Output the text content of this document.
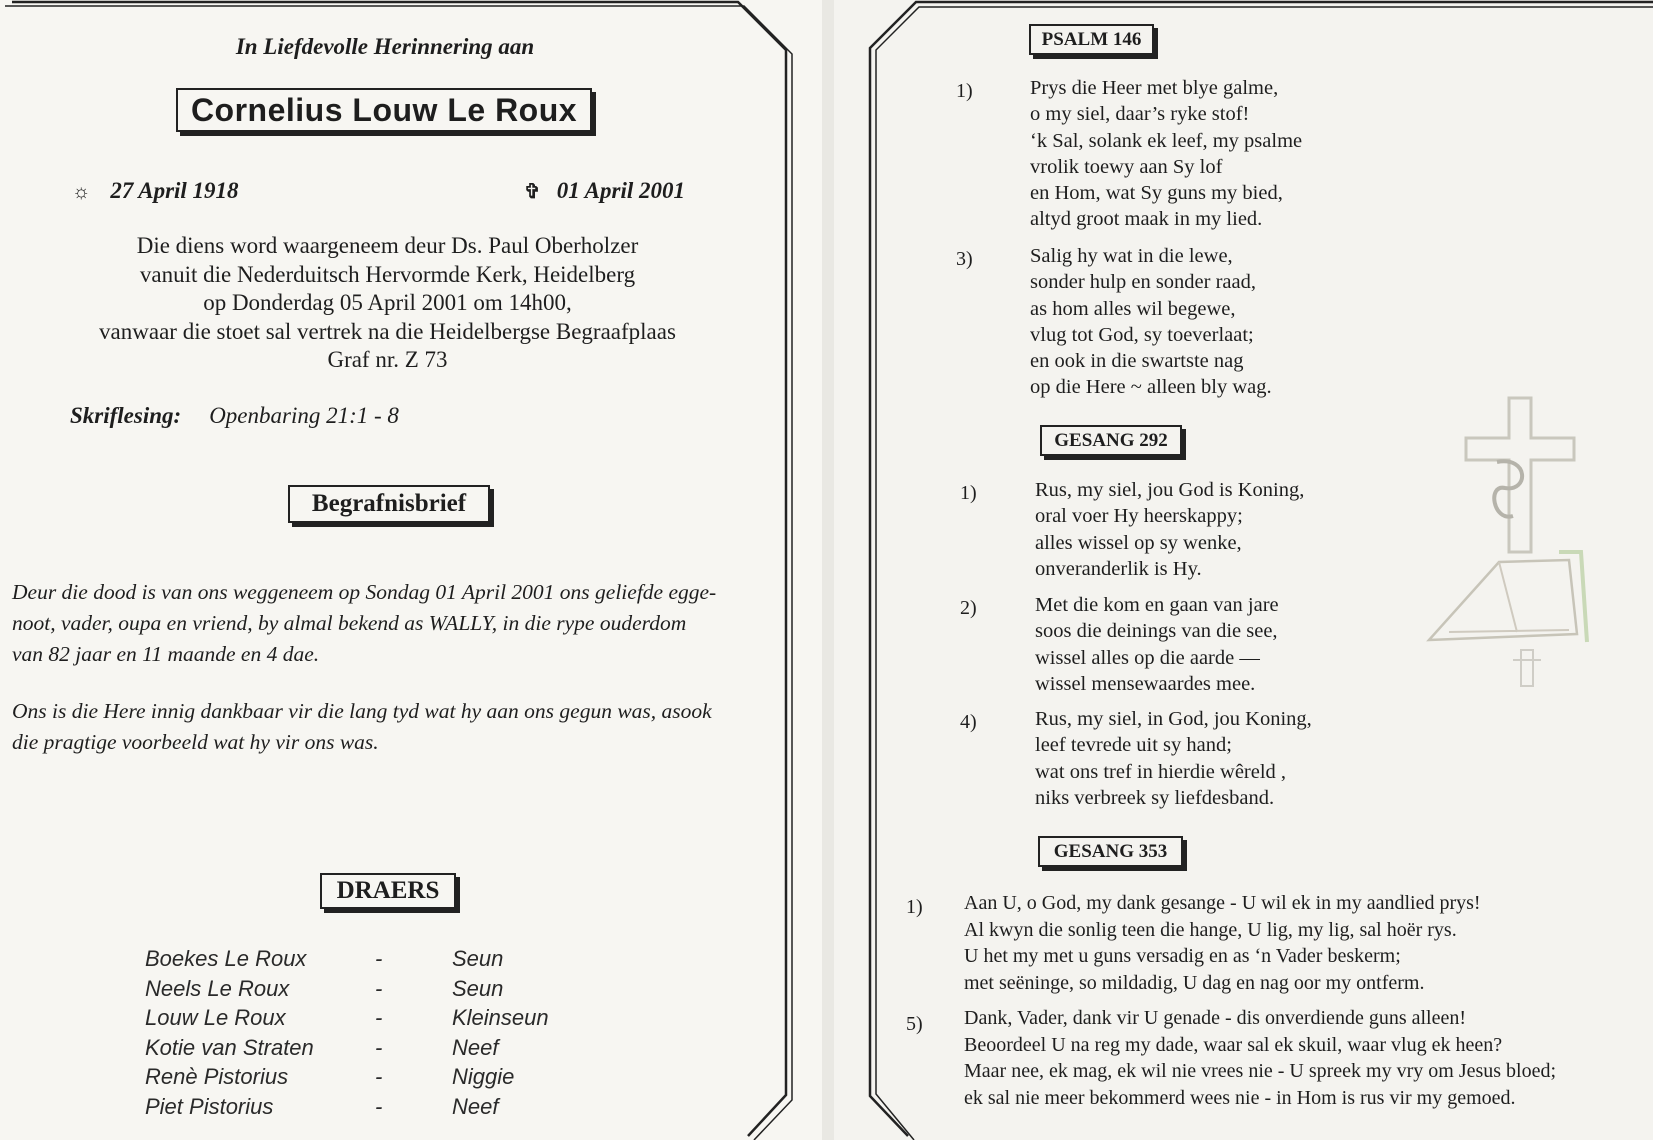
In Liefdevolle Herinnering aan
Cornelius Louw Le Roux
☼ 27 April 1918	✞ 01 April 2001
Die diens word waargeneem deur Ds. Paul Oberholzer
vanuit die Nederduitsch Hervormde Kerk, Heidelberg
op Donderdag 05 April 2001 om 14h00,
vanwaar die stoet sal vertrek na die Heidelbergse Begraafplaas
Graf nr. Z 73
Skriflesing: Openbaring 21:1 - 8
Begrafnisbrief
Deur die dood is van ons weggeneem op Sondag 01 April 2001 ons geliefde egge-
noot, vader, oupa en vriend, by almal bekend as WALLY, in die rype ouderdom
van 82 jaar en 11 maande en 4 dae.
Ons is die Here innig dankbaar vir die lang tyd wat hy aan ons gegun was, asook
die pragtige voorbeeld wat hy vir ons was.
DRAERS
Boekes Le Roux	-	Seun
Neels Le Roux	-	Seun
Louw Le Roux	-	Kleinseun
Kotie van Straten	-	Neef
Renè Pistorius	-	Niggie
Piet Pistorius	-	Neef
PSALM 146
1)	Prys die Heer met blye galme,
o my siel, daar’s ryke stof!
‘k Sal, solank ek leef, my psalme
vrolik toewy aan Sy lof
en Hom, wat Sy guns my bied,
altyd groot maak in my lied.
3)	Salig hy wat in die lewe,
sonder hulp en sonder raad,
as hom alles wil begewe,
vlug tot God, sy toeverlaat;
en ook in die swartste nag
op die Here ~ alleen bly wag.
GESANG 292
1)	Rus, my siel, jou God is Koning,
oral voer Hy heerskappy;
alles wissel op sy wenke,
onveranderlik is Hy.
2)	Met die kom en gaan van jare
soos die deinings van die see,
wissel alles op die aarde —
wissel mensewaardes mee.
4)	Rus, my siel, in God, jou Koning,
leef tevrede uit sy hand;
wat ons tref in hierdie wêreld ,
niks verbreek sy liefdesband.
GESANG 353
1) Aan U, o God, my dank gesange - U wil ek in my aandlied prys!
Al kwyn die sonlig teen die hange, U lig, my lig, sal hoër rys.
U het my met u guns versadig en as ‘n Vader beskerm;
met seëninge, so mildadig, U dag en nag oor my ontferm.
5) Dank, Vader, dank vir U genade - dis onverdiende guns alleen!
Beoordeel U na reg my dade, waar sal ek skuil, waar vlug ek heen?
Maar nee, ek mag, ek wil nie vrees nie - U spreek my vry om Jesus bloed;
ek sal nie meer bekommerd wees nie - in Hom is rus vir my gemoed.
